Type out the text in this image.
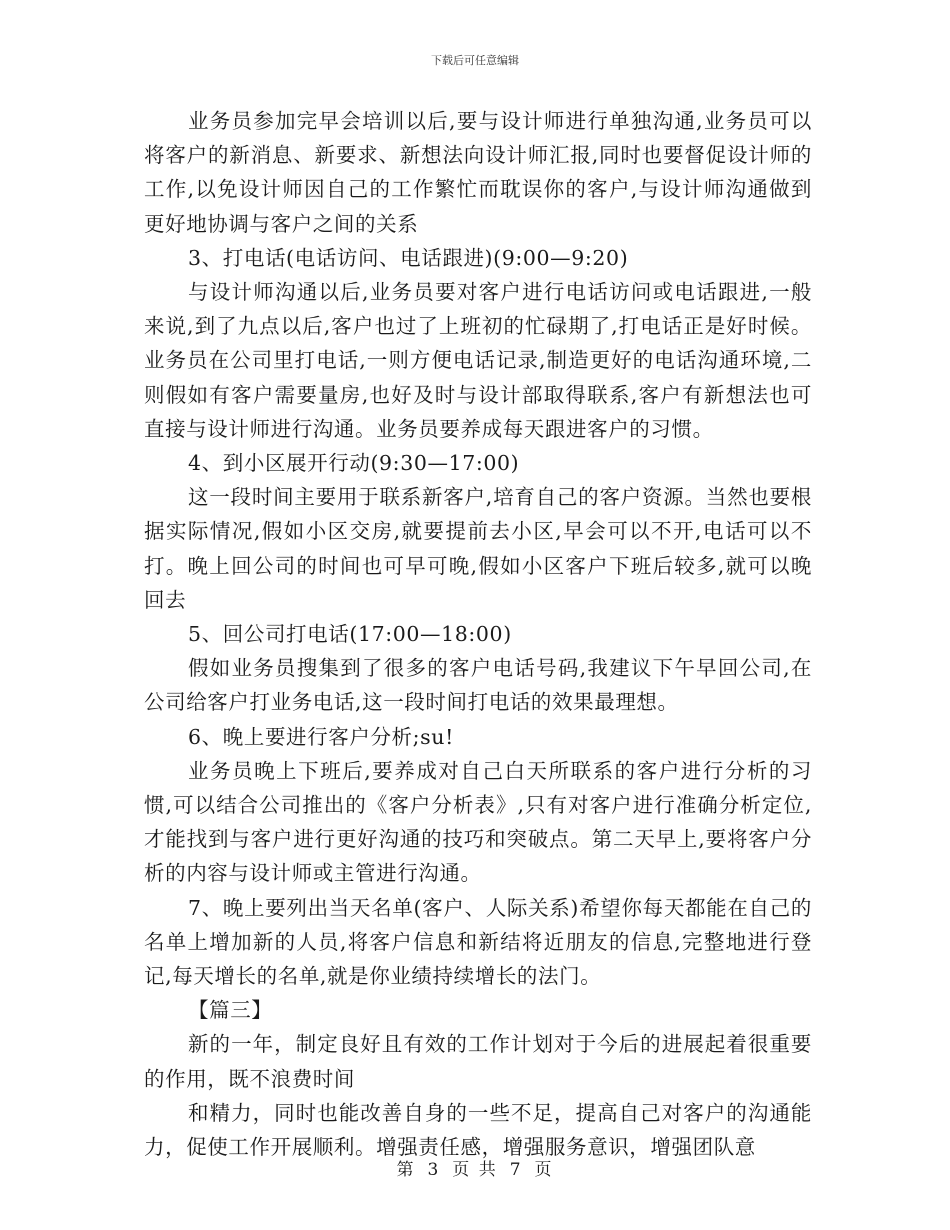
下载后可任意编辑

业务员参加完早会培训以后,要与设计师进行单独沟通,业务员可以将客户的新消息、新要求、新想法向设计师汇报,同时也要督促设计师的工作,以免设计师因自己的工作繁忙而耽误你的客户,与设计师沟通做到更好地协调与客户之间的关系

3、打电话(电话访问、电话跟进)(9:00—9:20)

与设计师沟通以后,业务员要对客户进行电话访问或电话跟进,一般来说,到了九点以后,客户也过了上班初的忙碌期了,打电话正是好时候。业务员在公司里打电话,一则方便电话记录,制造更好的电话沟通环境,二则假如有客户需要量房,也好及时与设计部取得联系,客户有新想法也可直接与设计师进行沟通。业务员要养成每天跟进客户的习惯。

4、到小区展开行动(9:30—17:00)

这一段时间主要用于联系新客户,培育自己的客户资源。当然也要根据实际情况,假如小区交房,就要提前去小区,早会可以不开,电话可以不打。晚上回公司的时间也可早可晚,假如小区客户下班后较多,就可以晚回去

5、回公司打电话(17:00—18:00)

假如业务员搜集到了很多的客户电话号码,我建议下午早回公司,在公司给客户打业务电话,这一段时间打电话的效果最理想。

6、晚上要进行客户分析;su!

业务员晚上下班后,要养成对自己白天所联系的客户进行分析的习惯,可以结合公司推出的《客户分析表》,只有对客户进行准确分析定位,才能找到与客户进行更好沟通的技巧和突破点。第二天早上,要将客户分析的内容与设计师或主管进行沟通。

7、晚上要列出当天名单(客户、人际关系)希望你每天都能在自己的名单上增加新的人员,将客户信息和新结将近朋友的信息,完整地进行登记,每天增长的名单,就是你业绩持续增长的法门。

【篇三】

新的一年，制定良好且有效的工作计划对于今后的进展起着很重要的作用，既不浪费时间

和精力，同时也能改善自身的一些不足，提高自己对客户的沟通能力，促使工作开展顺利。增强责任感，增强服务意识，增强团队意

第 3 页 共 7 页
